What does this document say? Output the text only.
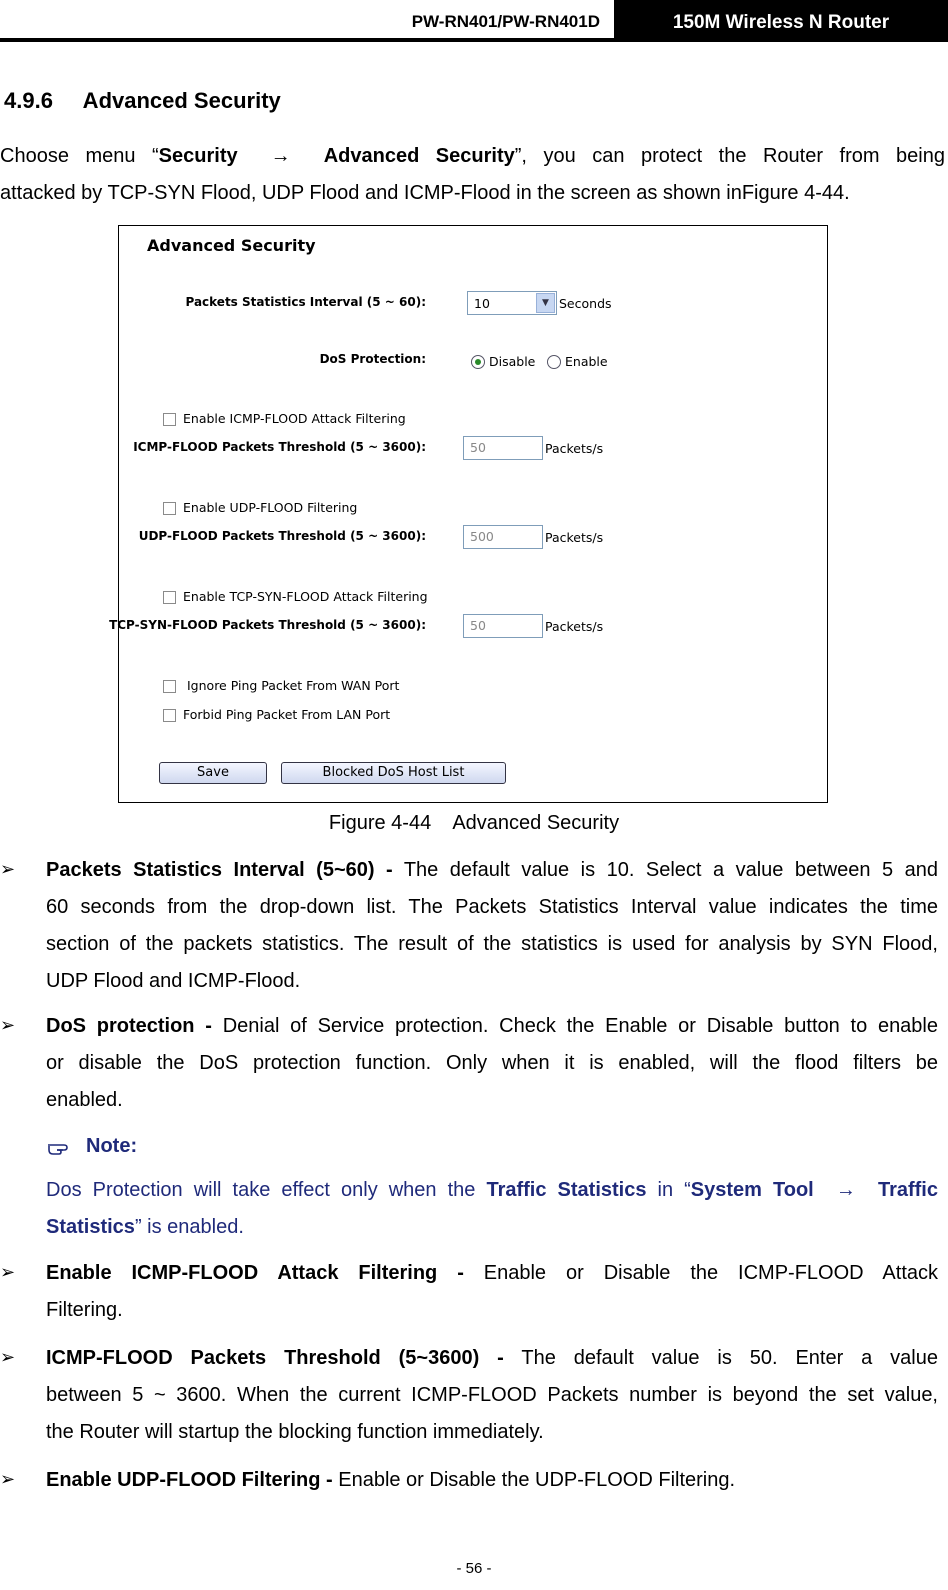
PW-RN401/PW-RN401D	150M Wireless N Router
4.9.6     Advanced Security
Choose menu “Security → Advanced Security”, you can protect the Router from being
attacked by TCP-SYN Flood, UDP Flood and ICMP-Flood in the screen as shown inFigure 4-44.
Advanced Security
Packets Statistics Interval (5 ~ 60):	10	▼ Seconds
DoS Protection:	Disable Enable
Enable ICMP-FLOOD Attack Filtering
ICMP-FLOOD Packets Threshold (5 ~ 3600):	50	Packets/s
Enable UDP-FLOOD Filtering
UDP-FLOOD Packets Threshold (5 ~ 3600):	500	Packets/s
Enable TCP-SYN-FLOOD Attack Filtering
TCP-SYN-FLOOD Packets Threshold (5 ~ 3600):	50	Packets/s
Ignore Ping Packet From WAN Port
Forbid Ping Packet From LAN Port
Save	Blocked DoS Host List
Figure 4-44    Advanced Security
➢ Packets Statistics Interval (5~60) - The default value is 10. Select a value between 5 and
60 seconds from the drop-down list. The Packets Statistics Interval value indicates the time
section of the packets statistics. The result of the statistics is used for analysis by SYN Flood,
UDP Flood and ICMP-Flood.
➢ DoS protection - Denial of Service protection. Check the Enable or Disable button to enable
or disable the DoS protection function. Only when it is enabled, will the flood filters be
enabled.
Note:
Dos Protection will take effect only when the Traffic Statistics in “System Tool → Traffic
Statistics” is enabled.
➢ Enable ICMP-FLOOD Attack Filtering - Enable or Disable the ICMP-FLOOD Attack
Filtering.
➢ ICMP-FLOOD Packets Threshold (5~3600) - The default value is 50. Enter a value
between 5 ~ 3600. When the current ICMP-FLOOD Packets number is beyond the set value,
the Router will startup the blocking function immediately.
➢ Enable UDP-FLOOD Filtering - Enable or Disable the UDP-FLOOD Filtering.
- 56 -
